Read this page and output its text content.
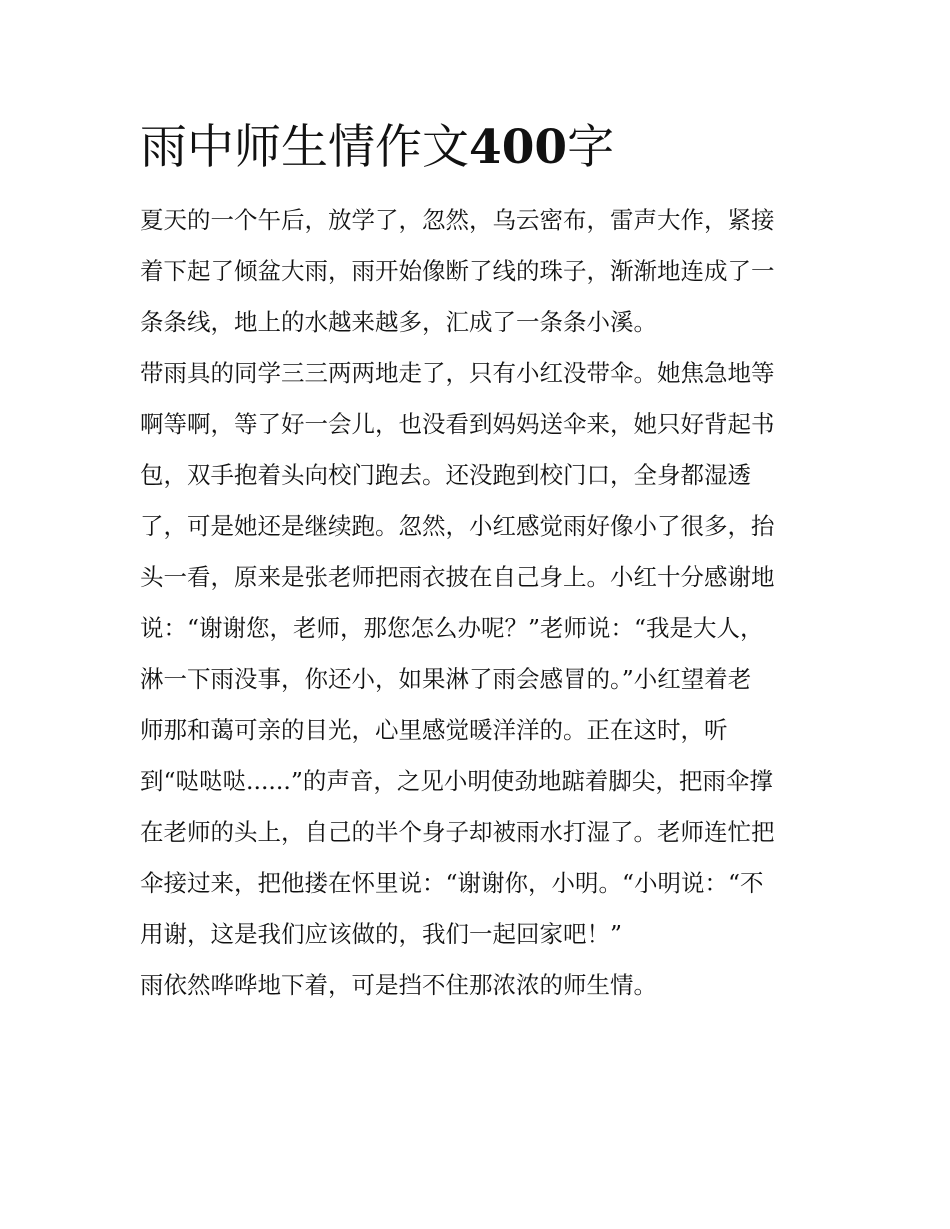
雨中师生情作文400字
夏天的一个午后，放学了，忽然，乌云密布，雷声大作，紧接
着下起了倾盆大雨，雨开始像断了线的珠子，渐渐地连成了一
条条线，地上的水越来越多，汇成了一条条小溪。
带雨具的同学三三两两地走了，只有小红没带伞。她焦急地等
啊等啊，等了好一会儿，也没看到妈妈送伞来，她只好背起书
包，双手抱着头向校门跑去。还没跑到校门口，全身都湿透
了，可是她还是继续跑。忽然，小红感觉雨好像小了很多，抬
头一看，原来是张老师把雨衣披在自己身上。小红十分感谢地
说：“谢谢您，老师，那您怎么办呢？”老师说：“我是大人，
淋一下雨没事，你还小，如果淋了雨会感冒的。”小红望着老
师那和蔼可亲的目光，心里感觉暖洋洋的。正在这时，听
到“哒哒哒......”的声音，之见小明使劲地踮着脚尖，把雨伞撑
在老师的头上，自己的半个身子却被雨水打湿了。老师连忙把
伞接过来，把他搂在怀里说：“谢谢你，小明。“小明说：“不
用谢，这是我们应该做的，我们一起回家吧！”
雨依然哗哗地下着，可是挡不住那浓浓的师生情。
